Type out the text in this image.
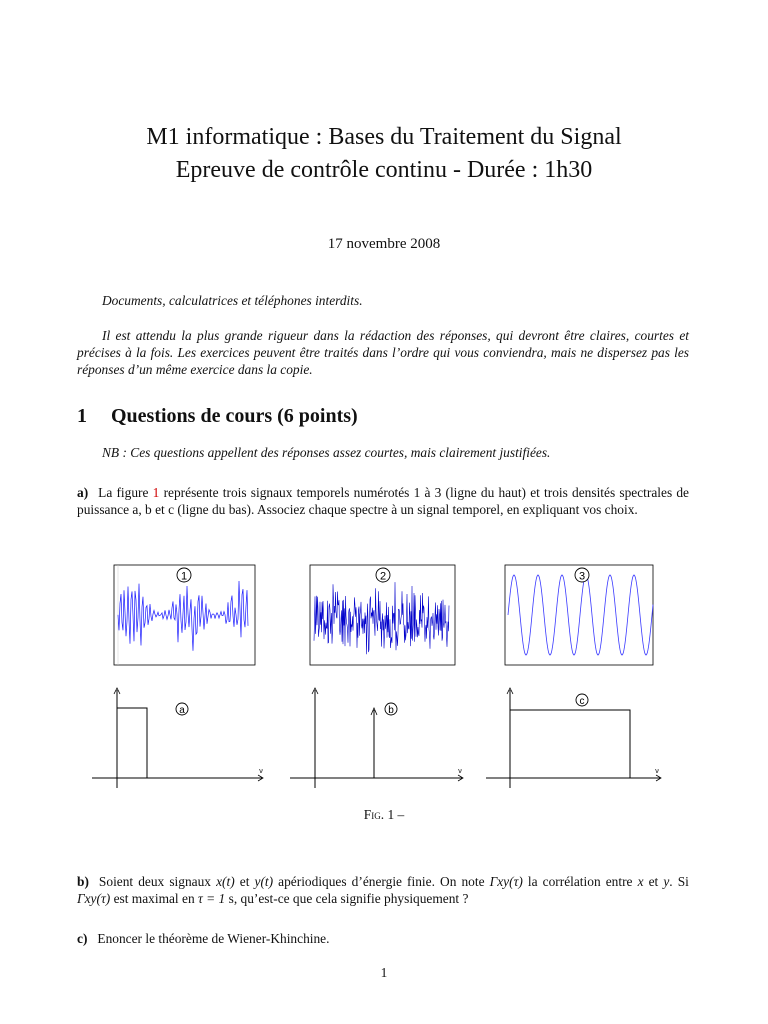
M1 informatique : Bases du Traitement du Signal
Epreuve de contrôle continu - Durée : 1h30
17 novembre 2008
Documents, calculatrices et téléphones interdits.
Il est attendu la plus grande rigueur dans la rédaction des réponses, qui devront être claires, courtes et précises à la fois. Les exercices peuvent être traités dans l’ordre qui vous conviendra, mais ne dispersez pas les réponses d’un même exercice dans la copie.
1 Questions de cours (6 points)
NB : Ces questions appellent des réponses assez courtes, mais clairement justifiées.
a) La figure 1 représente trois signaux temporels numérotés 1 à 3 (ligne du haut) et trois densités spectrales de puissance a, b et c (ligne du bas). Associez chaque spectre à un signal temporel, en expliquant vos choix.
1	2	3
a
ν
b
ν
c
ν
Fig. 1 –
b) Soient deux signaux x(t) et y(t) apériodiques d’énergie finie. On note Γxy(τ) la corrélation entre x et y. Si Γxy(τ) est maximal en τ = 1 s, qu’est-ce que cela signifie physiquement ?
c) Enoncer le théorème de Wiener-Khinchine.
1
